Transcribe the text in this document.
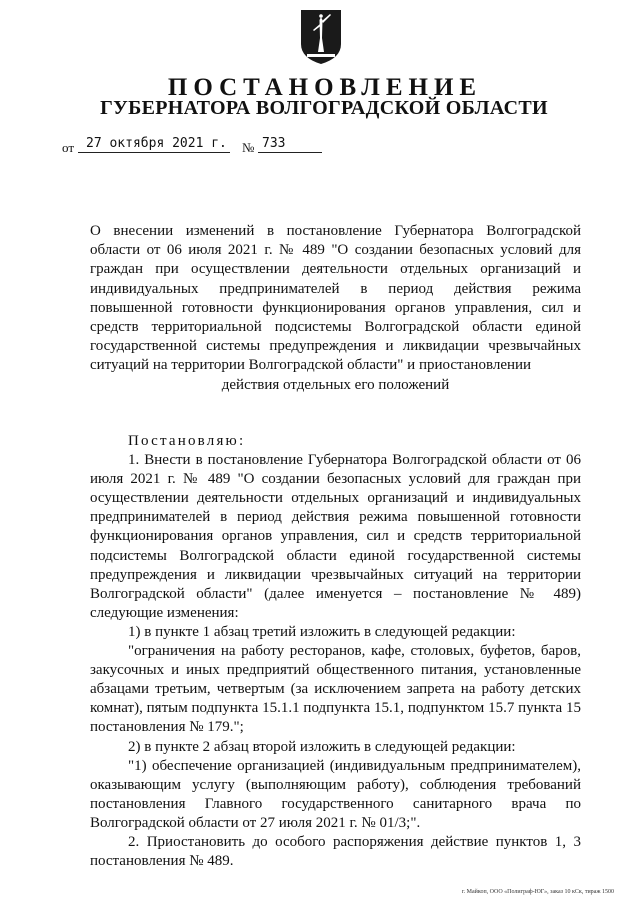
ПОСТАНОВЛЕНИЕ
ГУБЕРНАТОРА ВОЛГОГРАДСКОЙ ОБЛАСТИ
от 27 октября 2021 г. № 733
О внесении изменений в постановление Губернатора Волгоградской области от 06 июля 2021 г. № 489 "О создании безопасных условий для граждан при осуществлении деятельности отдельных организаций и индивидуальных предпринимателей в период действия режима повышенной готовности функционирования органов управления, сил и средств территориальной подсистемы Волгоградской области единой государственной системы предупреждения и ликвидации чрезвычайных ситуаций на территории Волгоградской области" и приостановлении
действия отдельных его положений

Постановляю:

1. Внести в постановление Губернатора Волгоградской области от 06 июля 2021 г. № 489 "О создании безопасных условий для граждан при осуществлении деятельности отдельных организаций и индивидуальных предпринимателей в период действия режима повышенной готовности функционирования органов управления, сил и средств территориальной подсистемы Волгоградской области единой государственной системы предупреждения и ликвидации чрезвычайных ситуаций на территории Волгоградской области" (далее именуется – постановление № 489) следующие изменения:

1) в пункте 1 абзац третий изложить в следующей редакции:

"ограничения на работу ресторанов, кафе, столовых, буфетов, баров, закусочных и иных предприятий общественного питания, установленные абзацами третьим, четвертым (за исключением запрета на работу детских комнат), пятым подпункта 15.1.1 подпункта 15.1, подпунктом 15.7 пункта 15 постановления № 179.";

2) в пункте 2 абзац второй изложить в следующей редакции:

"1) обеспечение организацией (индивидуальным предпринимателем), оказывающим услугу (выполняющим работу), соблюдения требований постановления Главного государственного санитарного врача по Волгоградской области от 27 июля 2021 г. № 01/3;".

2. Приостановить до особого распоряжения действие пунктов 1, 3 постановления № 489.

г. Майкоп, ООО «Полиграф-ЮГ», заказ 10 кСк, тираж 1500
